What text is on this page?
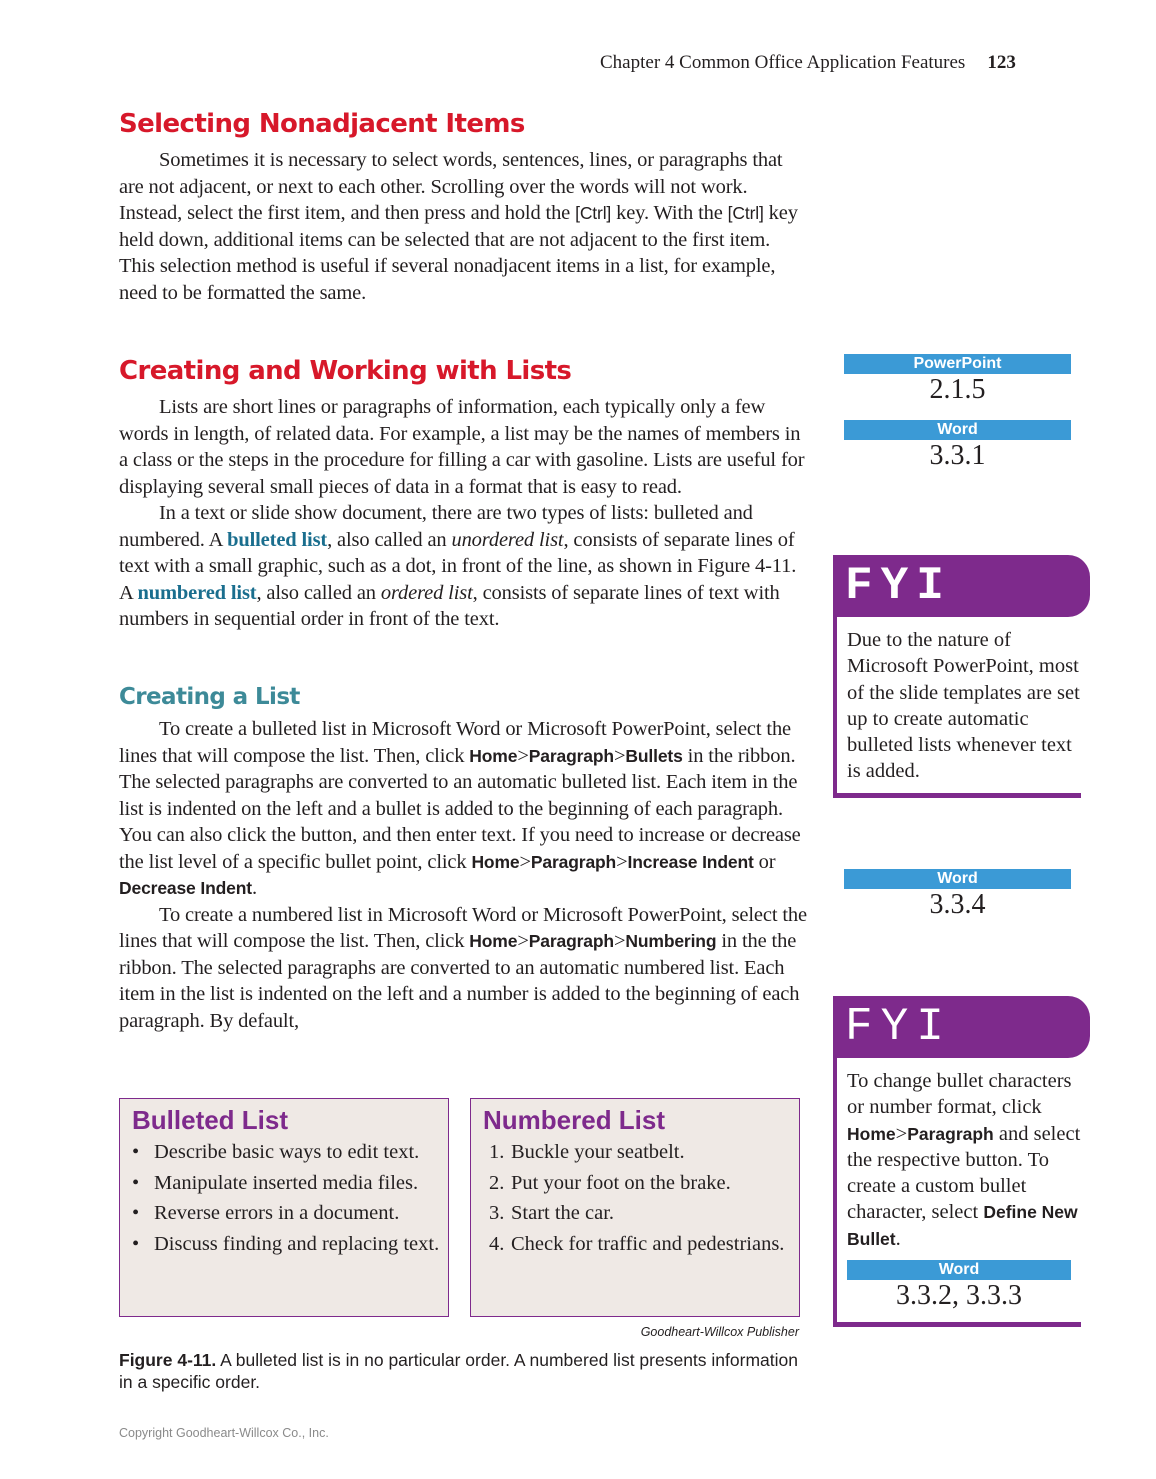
Chapter 4 Common Office Application Features 123
Selecting Nonadjacent Items

Sometimes it is necessary to select words, sentences, lines, or paragraphs that are not adjacent, or next to each other. Scrolling over the words will not work. Instead, select the first item, and then press and hold the [Ctrl] key. With the [Ctrl] key held down, additional items can be selected that are not adjacent to the first item. This selection method is useful if several nonadjacent items in a list, for example, need to be formatted the same.

Creating and Working with Lists

Lists are short lines or paragraphs of information, each typically only a few words in length, of related data. For example, a list may be the names of members in a class or the steps in the procedure for filling a car with gasoline. Lists are useful for displaying several small pieces of data in a format that is easy to read.

In a text or slide show document, there are two types of lists: bulleted and numbered. A bulleted list, also called an unordered list, consists of separate lines of text with a small graphic, such as a dot, in front of the line, as shown in Figure 4-11. A numbered list, also called an ordered list, consists of separate lines of text with numbers in sequential order in front of the text.

Creating a List

To create a bulleted list in Microsoft Word or Microsoft PowerPoint, select the lines that will compose the list. Then, click Home>Paragraph>Bullets in the ribbon. The selected paragraphs are converted to an automatic bulleted list. Each item in the list is indented on the left and a bullet is added to the beginning of each paragraph. You can also click the button, and then enter text. If you need to increase or decrease the list level of a specific bullet point, click Home>Paragraph>Increase Indent or Decrease Indent.

To create a numbered list in Microsoft Word or Microsoft PowerPoint, select the lines that will compose the list. Then, click Home>Paragraph>Numbering in the the ribbon. The selected paragraphs are converted to an automatic numbered list. Each item in the list is indented on the left and a number is added to the beginning of each paragraph. By default,

Bulleted List
• Describe basic ways to edit text.
• Manipulate inserted media files.
• Reverse errors in a document.
• Discuss finding and replacing text.
Numbered List
1. Buckle your seatbelt.
2. Put your foot on the brake.
3. Start the car.
4. Check for traffic and pedestrians.
Goodheart-Willcox Publisher
Figure 4-11. A bulleted list is in no particular order. A numbered list presents information in a specific order.
Copyright Goodheart-Willcox Co., Inc.
PowerPoint
2.1.5
Word
3.3.1
FYI
Due to the nature of Microsoft PowerPoint, most of the slide templates are set up to create automatic bulleted lists whenever text is added.
Word
3.3.4
FYI
To change bullet characters or number format, click Home>Paragraph and select the respective button. To create a custom bullet character, select Define New Bullet.
Word
3.3.2, 3.3.3
